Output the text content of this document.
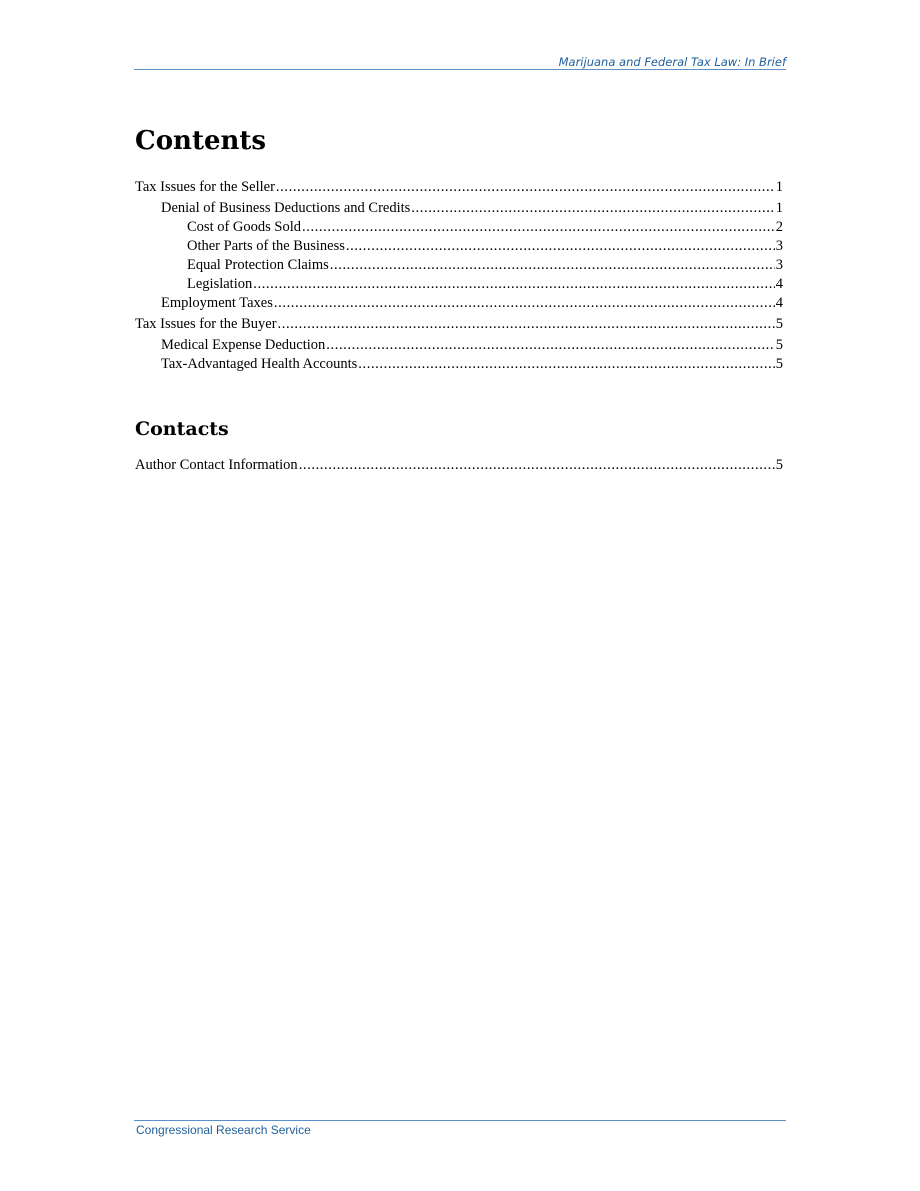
Marijuana and Federal Tax Law: In Brief
Contents
Tax Issues for the Seller .....	1
Denial of Business Deductions and Credits .....	1
Cost of Goods Sold .....	2
Other Parts of the Business .....	3
Equal Protection Claims .....	3
Legislation .....	4
Employment Taxes .....	4
Tax Issues for the Buyer .....	5
Medical Expense Deduction .....	5
Tax-Advantaged Health Accounts .....	5
Contacts
Author Contact Information .....	5
Congressional Research Service
